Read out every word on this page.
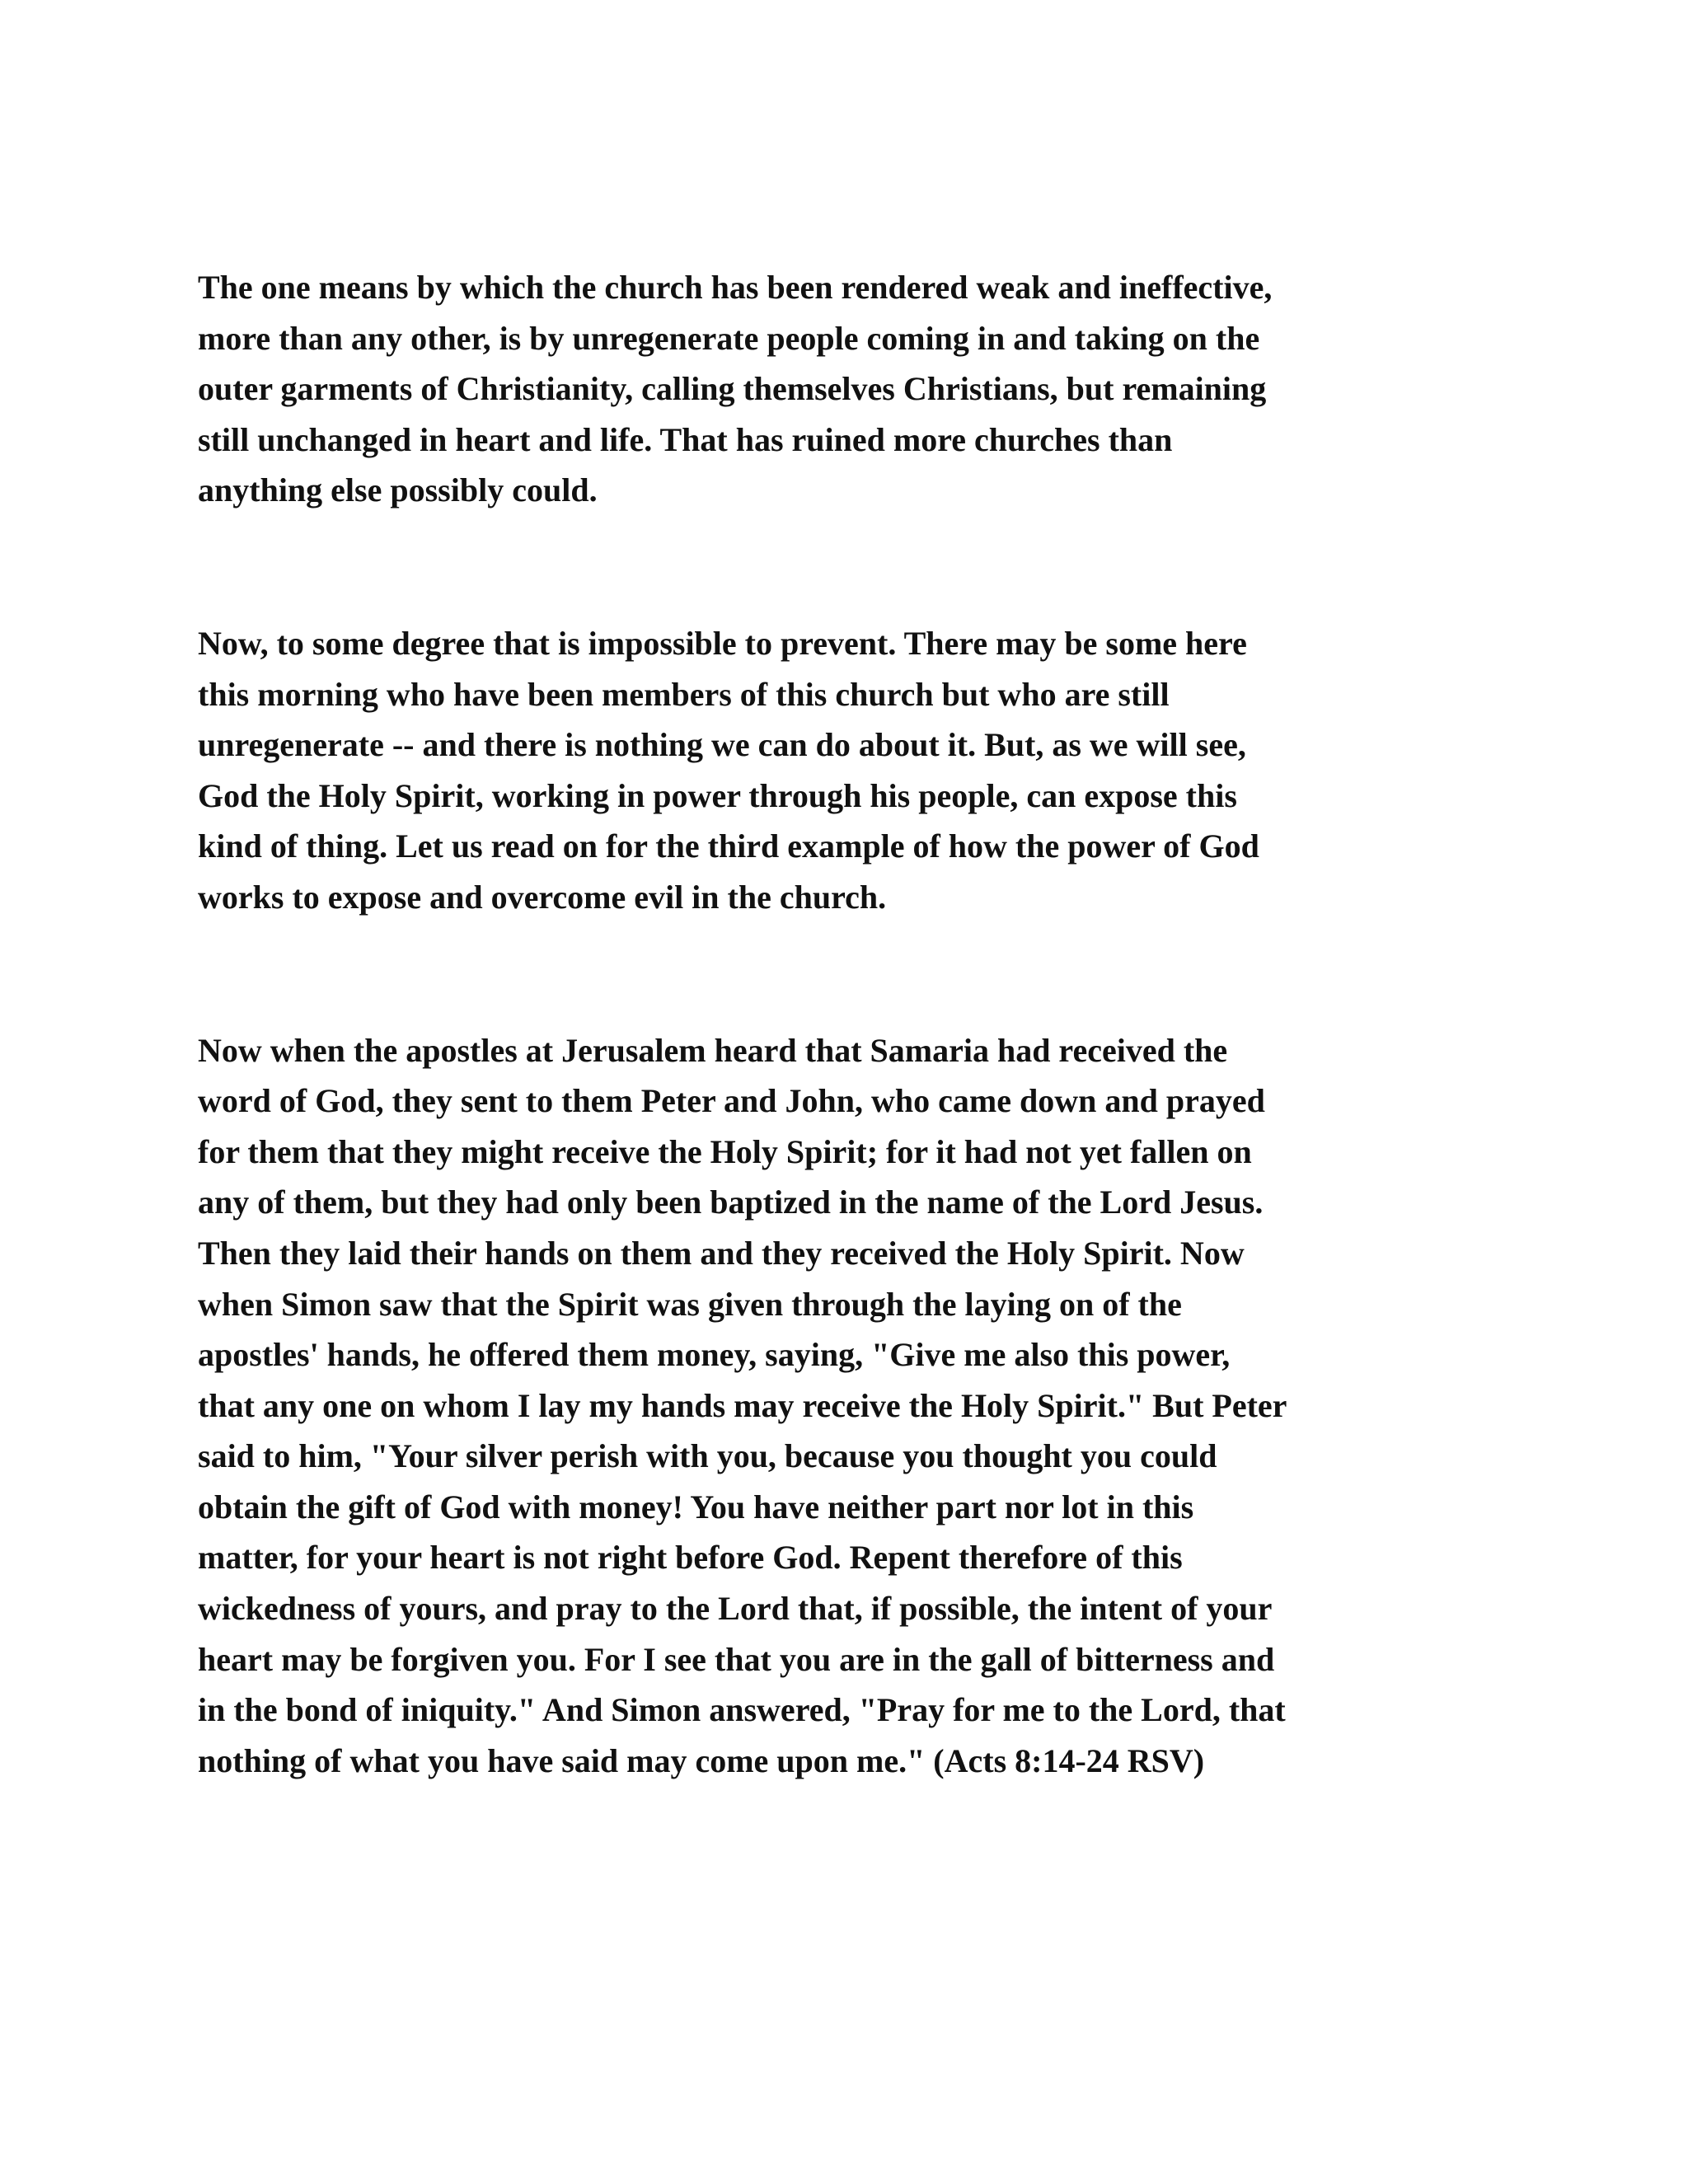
The one means by which the church has been rendered weak and ineffective,
more than any other, is by unregenerate people coming in and taking on the
outer garments of Christianity, calling themselves Christians, but remaining
still unchanged in heart and life. That has ruined more churches than
anything else possibly could.

Now, to some degree that is impossible to prevent. There may be some here
this morning who have been members of this church but who are still
unregenerate -- and there is nothing we can do about it. But, as we will see,
God the Holy Spirit, working in power through his people, can expose this
kind of thing. Let us read on for the third example of how the power of God
works to expose and overcome evil in the church.

Now when the apostles at Jerusalem heard that Samaria had received the
word of God, they sent to them Peter and John, who came down and prayed
for them that they might receive the Holy Spirit; for it had not yet fallen on
any of them, but they had only been baptized in the name of the Lord Jesus.
Then they laid their hands on them and they received the Holy Spirit. Now
when Simon saw that the Spirit was given through the laying on of the
apostles' hands, he offered them money, saying, "Give me also this power,
that any one on whom I lay my hands may receive the Holy Spirit." But Peter
said to him, "Your silver perish with you, because you thought you could
obtain the gift of God with money! You have neither part nor lot in this
matter, for your heart is not right before God. Repent therefore of this
wickedness of yours, and pray to the Lord that, if possible, the intent of your
heart may be forgiven you. For I see that you are in the gall of bitterness and
in the bond of iniquity." And Simon answered, "Pray for me to the Lord, that
nothing of what you have said may come upon me." (Acts 8:14-24 RSV)
